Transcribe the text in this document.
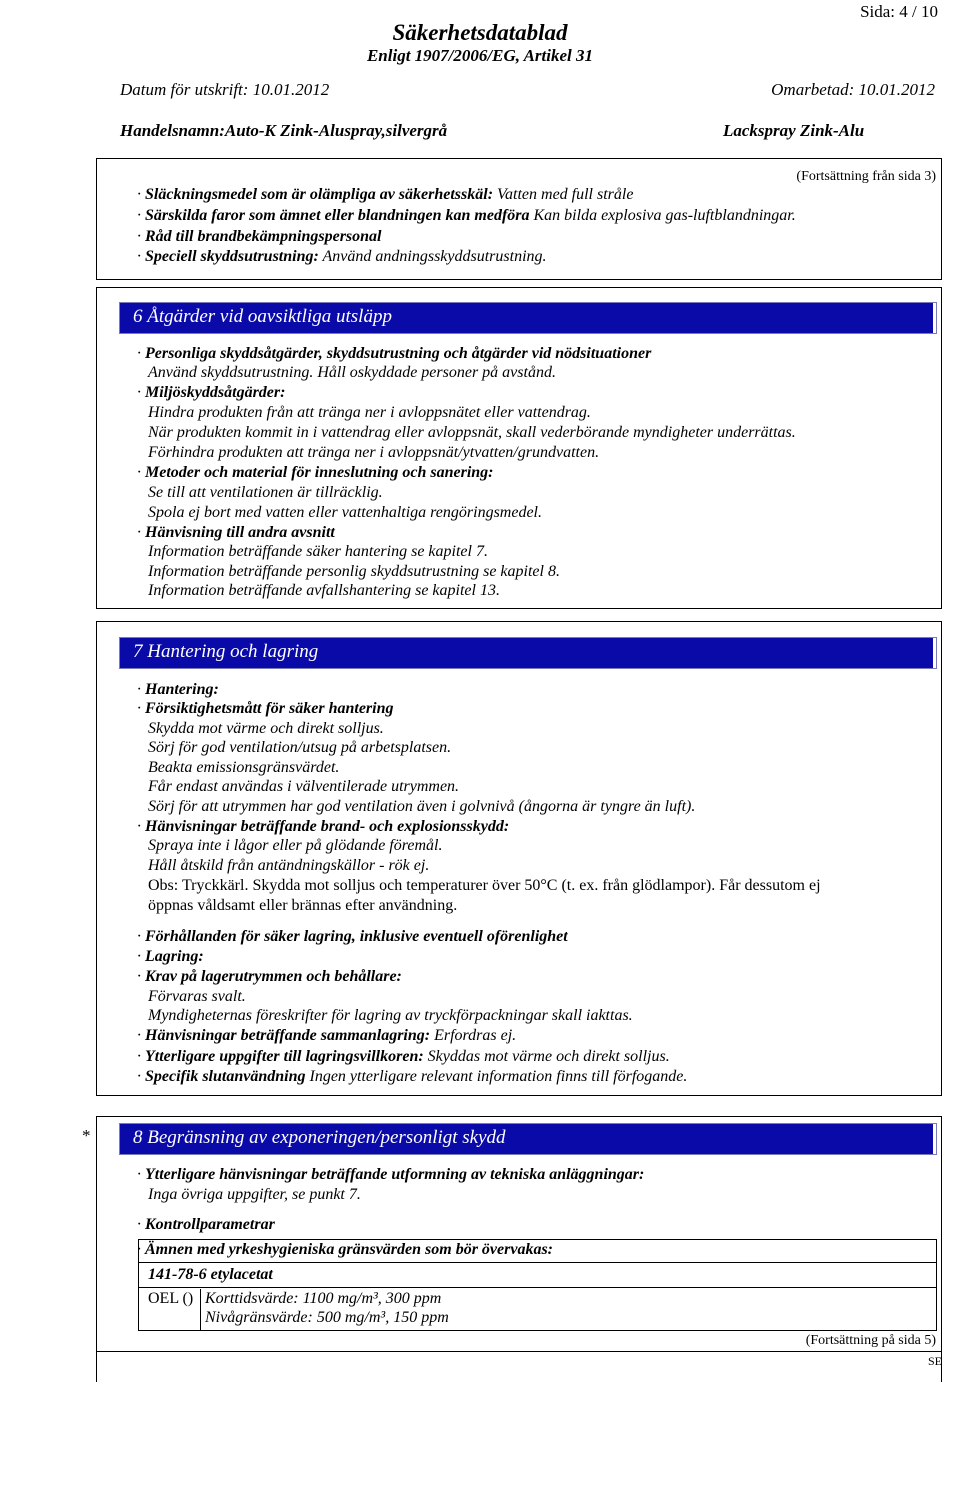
Sida: 4 / 10
Säkerhetsdatablad
Enligt 1907/2006/EG, Artikel 31
Datum för utskrift: 10.01.2012	Omarbetad: 10.01.2012
Handelsnamn:Auto-K Zink-Aluspray,silvergrå	Lackspray Zink-Alu
(Fortsättning från sida 3)
· Släckningsmedel som är olämpliga av säkerhetsskäl: Vatten med full stråle
· Särskilda faror som ämnet eller blandningen kan medföra Kan bilda explosiva gas-luftblandningar.
· Råd till brandbekämpningspersonal
· Speciell skyddsutrustning: Använd andningsskyddsutrustning.
6 Åtgärder vid oavsiktliga utsläpp
· Personliga skyddsåtgärder, skyddsutrustning och åtgärder vid nödsituationer
Använd skyddsutrustning. Håll oskyddade personer på avstånd.
· Miljöskyddsåtgärder:
Hindra produkten från att tränga ner i avloppsnätet eller vattendrag.
När produkten kommit in i vattendrag eller avloppsnät, skall vederbörande myndigheter underrättas.
Förhindra produkten att tränga ner i avloppsnät/ytvatten/grundvatten.
· Metoder och material för inneslutning och sanering:
Se till att ventilationen är tillräcklig.
Spola ej bort med vatten eller vattenhaltiga rengöringsmedel.
· Hänvisning till andra avsnitt
Information beträffande säker hantering se kapitel 7.
Information beträffande personlig skyddsutrustning se kapitel 8.
Information beträffande avfallshantering se kapitel 13.
7 Hantering och lagring
· Hantering:
· Försiktighetsmått för säker hantering
Skydda mot värme och direkt solljus.
Sörj för god ventilation/utsug på arbetsplatsen.
Beakta emissionsgränsvärdet.
Får endast användas i välventilerade utrymmen.
Sörj för att utrymmen har god ventilation även i golvnivå (ångorna är tyngre än luft).
· Hänvisningar beträffande brand- och explosionsskydd:
Spraya inte i lågor eller på glödande föremål.
Håll åtskild från antändningskällor - rök ej.
Obs: Tryckkärl. Skydda mot solljus och temperaturer över 50°C (t. ex. från glödlampor). Får dessutom ej
öppnas våldsamt eller brännas efter användning.
· Förhållanden för säker lagring, inklusive eventuell oförenlighet
· Lagring:
· Krav på lagerutrymmen och behållare:
Förvaras svalt.
Myndigheternas föreskrifter för lagring av tryckförpackningar skall iakttas.
· Hänvisningar beträffande sammanlagring: Erfordras ej.
· Ytterligare uppgifter till lagringsvillkoren: Skyddas mot värme och direkt solljus.
· Specifik slutanvändning Ingen ytterligare relevant information finns till förfogande.
* 8 Begränsning av exponeringen/personligt skydd
· Ytterligare hänvisningar beträffande utformning av tekniska anläggningar:
Inga övriga uppgifter, se punkt 7.
· Kontrollparametrar
· Ämnen med yrkeshygieniska gränsvärden som bör övervakas:
141-78-6 etylacetat
OEL () Korttidsvärde: 1100 mg/m³, 300 ppm
Nivågränsvärde: 500 mg/m³, 150 ppm
(Fortsättning på sida 5)
SE
